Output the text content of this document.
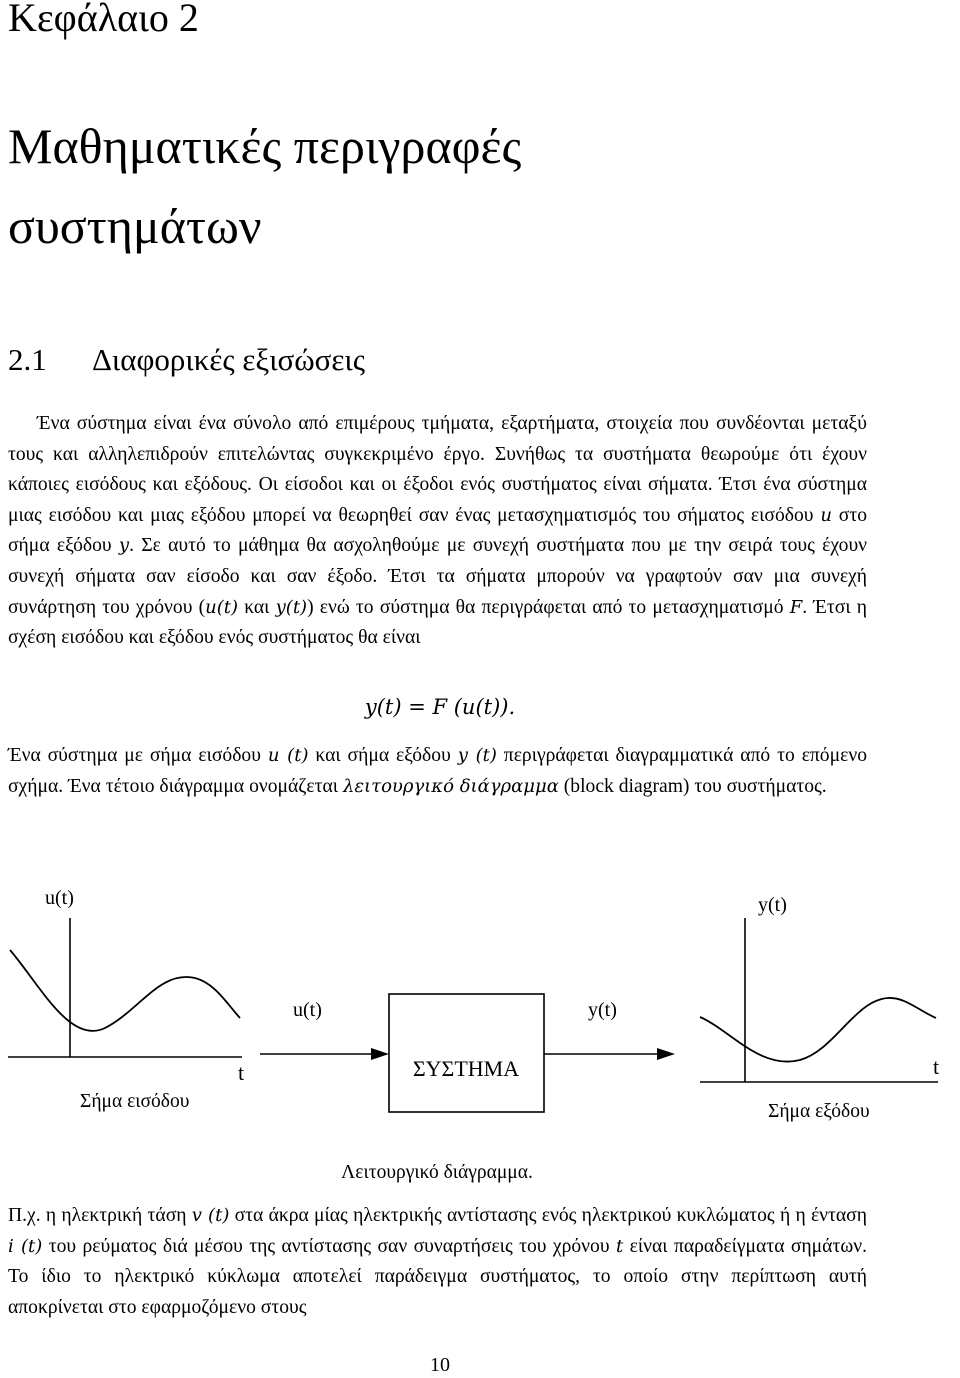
Κεφάλαιο 2
Μαθηματικές περιγραφές
συστημάτων
2.1 Διαφορικές εξισώσεις

Ένα σύστημα είναι ένα σύνολο από επιμέρους τμήματα, εξαρτήματα, στοιχεία που συνδέονται μεταξύ τους και αλληλεπιδρούν επιτελώντας συγκεκριμένο έργο. Συνήθως τα συστήματα θεωρούμε ότι έχουν κάποιες εισόδους και εξόδους. Οι είσοδοι και οι έξοδοι ενός συστήματος είναι σήματα. Έτσι ένα σύστημα μιας εισόδου και μιας εξόδου μπορεί να θεωρηθεί σαν ένας μετασχηματισμός του σήματος εισόδου u στο σήμα εξόδου y. Σε αυτό το μάθημα θα ασχοληθούμε με συνεχή συστήματα που με την σειρά τους έχουν συνεχή σήματα σαν είσοδο και σαν έξοδο. Έτσι τα σήματα μπορούν να γραφτούν σαν μια συνεχή συνάρτηση του χρόνου (u(t) και y(t)) ενώ το σύστημα θα περιγράφεται από το μετασχηματισμό F. Έτσι η σχέση εισόδου και εξόδου ενός συστήματος θα είναι

y(t) = F (u(t)).

Ένα σύστημα με σήμα εισόδου u (t) και σήμα εξόδου y (t) περιγράφεται διαγραμματικά από το επόμενο σχήμα. Ένα τέτοιο διάγραμμα ονομάζεται λειτουργικό διάγραμμα (block diagram) του συστήματος.

u(t)
t
Σήμα εισόδου
u(t)
ΣΥΣΤΗΜΑ
y(t)
y(t)
t
Σήμα εξόδου
Λειτουργικό διάγραμμα.

Π.χ. η ηλεκτρική τάση v (t) στα άκρα μίας ηλεκτρικής αντίστασης ενός ηλεκτρικού κυκλώματος ή η ένταση i (t) του ρεύματος διά μέσου της αντίστασης σαν συναρτήσεις του χρόνου t είναι παραδείγματα σημάτων. Το ίδιο το ηλεκτρικό κύκλωμα αποτελεί παράδειγμα συστήματος, το οποίο στην περίπτωση αυτή αποκρίνεται στο εφαρμοζόμενο στους

10
